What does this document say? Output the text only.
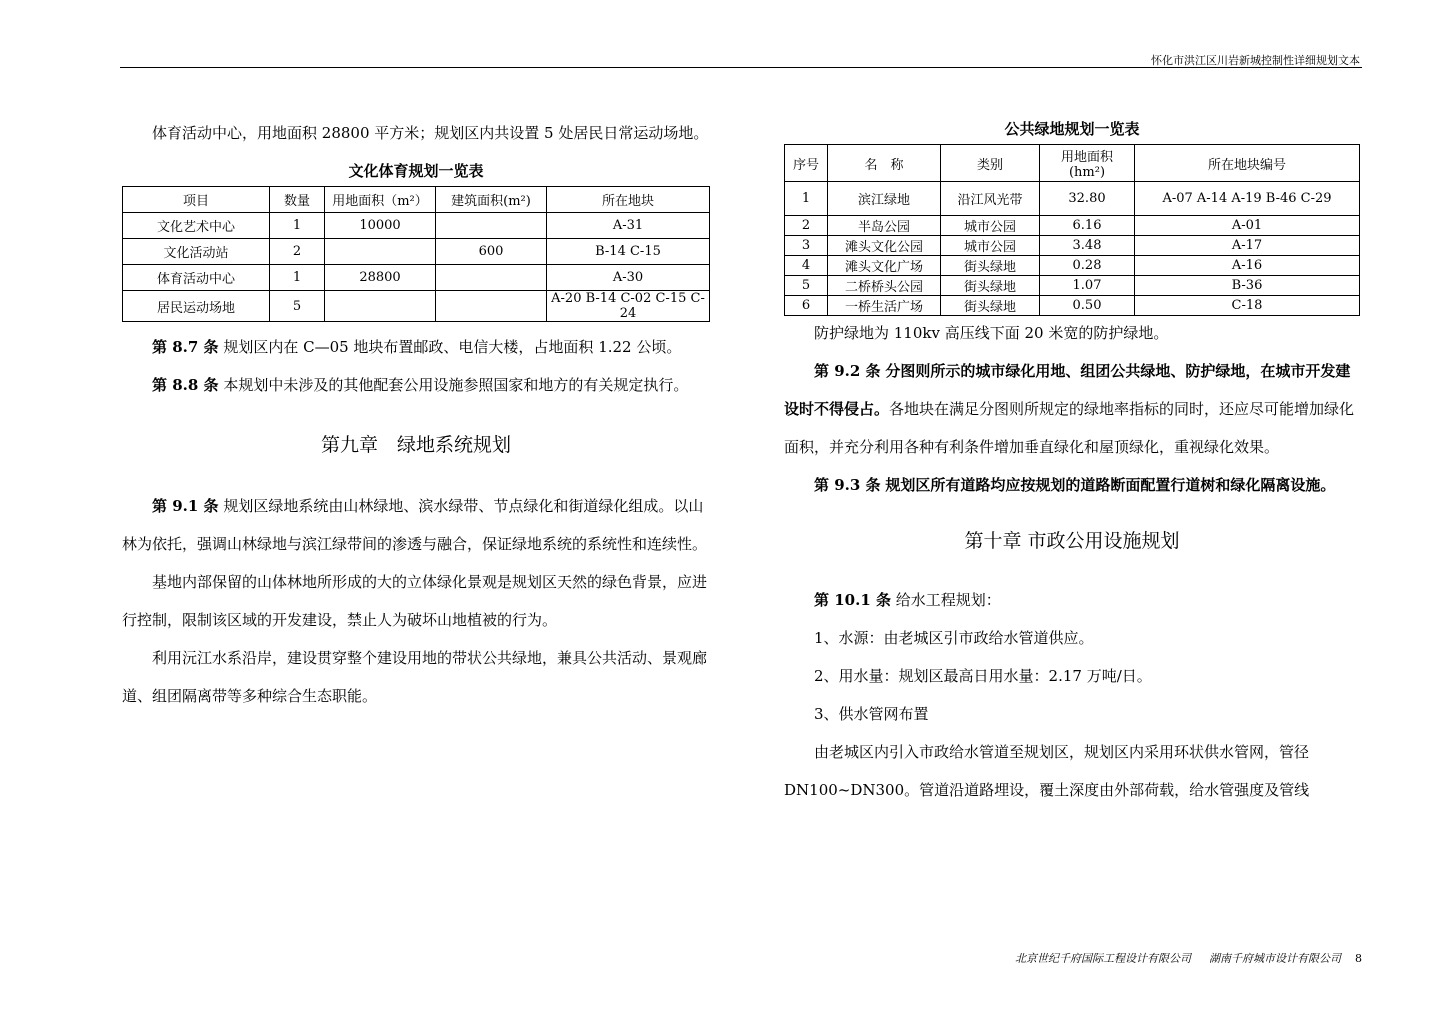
怀化市洪江区川岩新城控制性详细规划文本

体育活动中心，用地面积 28800 平方米；规划区内共设置 5 处居民日常运动场地。

文化体育规划一览表
项目	数量	用地面积（m²）	建筑面积(m²)	所在地块
文化艺术中心	1	10000		A-31
文化活动站	2		600	B-14 C-15
体育活动中心	1	28800		A-30
居民运动场地	5			A-20 B-14 C-02 C-15 C-24

第 8.7 条 规划区内在 C—05 地块布置邮政、电信大楼，占地面积 1.22 公顷。

第 8.8 条 本规划中未涉及的其他配套公用设施参照国家和地方的有关规定执行。

第九章　绿地系统规划

第 9.1 条 规划区绿地系统由山林绿地、滨水绿带、节点绿化和街道绿化组成。以山林为依托，强调山林绿地与滨江绿带间的渗透与融合，保证绿地系统的系统性和连续性。

基地内部保留的山体林地所形成的大的立体绿化景观是规划区天然的绿色背景，应进行控制，限制该区域的开发建设，禁止人为破坏山地植被的行为。

利用沅江水系沿岸，建设贯穿整个建设用地的带状公共绿地，兼具公共活动、景观廊道、组团隔离带等多种综合生态职能。

公共绿地规划一览表
序号	名　称	类别	用地面积
(hm²)	所在地块编号
1	滨江绿地	沿江风光带	32.80	A-07 A-14 A-19 B-46 C-29
2	半岛公园	城市公园	6.16	A-01
3	滩头文化公园	城市公园	3.48	A-17
4	滩头文化广场	街头绿地	0.28	A-16
5	二桥桥头公园	街头绿地	1.07	B-36
6	一桥生活广场	街头绿地	0.50	C-18

防护绿地为 110kv 高压线下面 20 米宽的防护绿地。

第 9.2 条 分图则所示的城市绿化用地、组团公共绿地、防护绿地，在城市开发建设时不得侵占。各地块在满足分图则所规定的绿地率指标的同时，还应尽可能增加绿化面积，并充分利用各种有利条件增加垂直绿化和屋顶绿化，重视绿化效果。

第 9.3 条 规划区所有道路均应按规划的道路断面配置行道树和绿化隔离设施。

第十章 市政公用设施规划

第 10.1 条 给水工程规划：

1、水源：由老城区引市政给水管道供应。

2、用水量：规划区最高日用水量：2.17 万吨/日。

3、供水管网布置

由老城区内引入市政给水管道至规划区，规划区内采用环状供水管网，管径 DN100~DN300。管道沿道路埋设，覆土深度由外部荷载，给水管强度及管线

北京世纪千府国际工程设计有限公司 湖南千府城市设计有限公司 8
